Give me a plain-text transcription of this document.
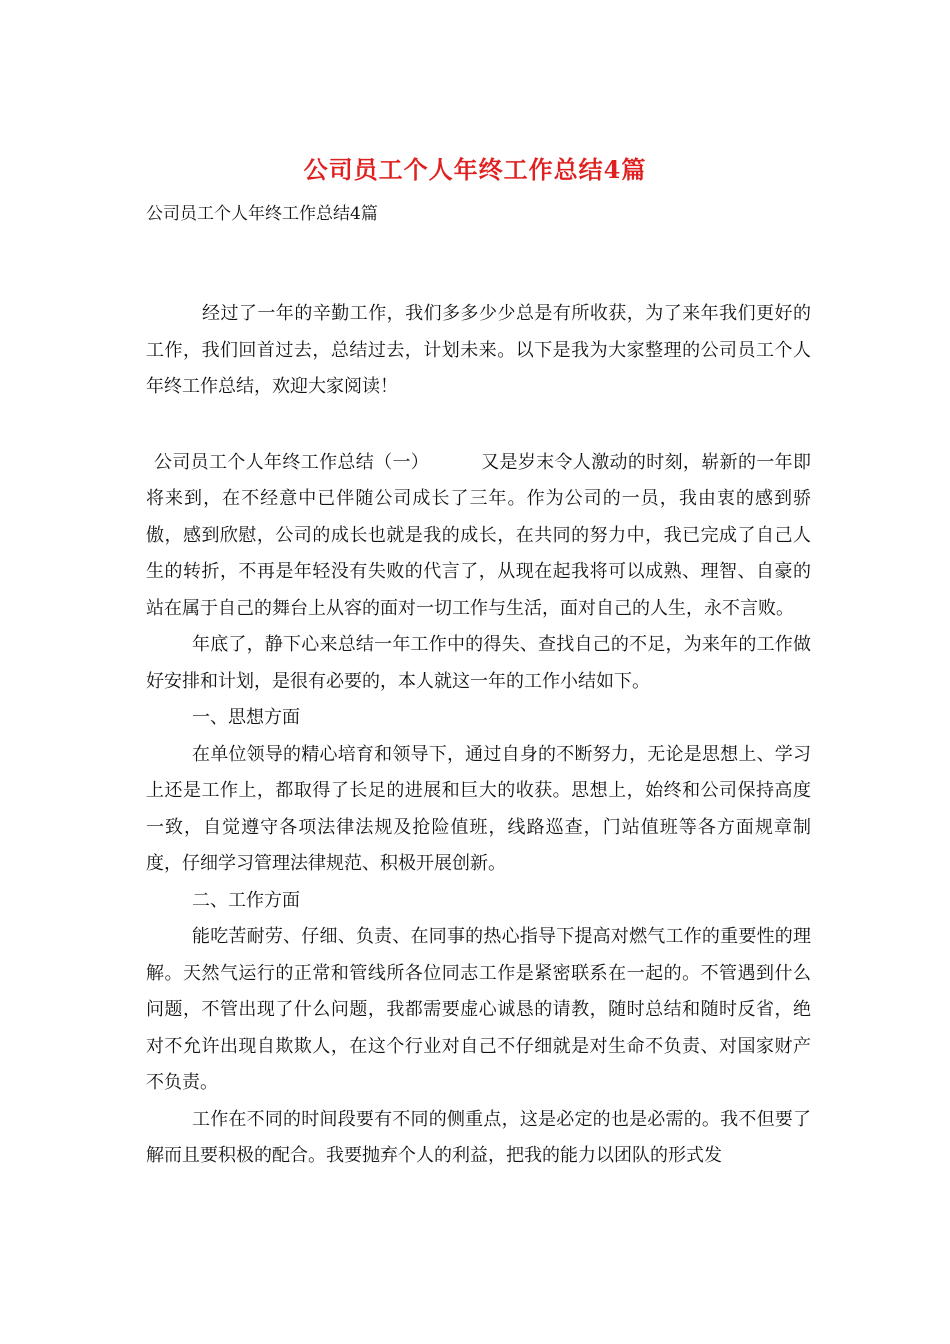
公司员工个人年终工作总结4篇
公司员工个人年终工作总结4篇

经过了一年的辛勤工作，我们多多少少总是有所收获，为了来年我们更好的工作，我们回首过去，总结过去，计划未来。以下是我为大家整理的公司员工个人年终工作总结，欢迎大家阅读！

公司员工个人年终工作总结（一）	又是岁末令人激动的时刻，崭新的一年即将来到，在不经意中已伴随公司成长了三年。作为公司的一员，我由衷的感到骄傲，感到欣慰，公司的成长也就是我的成长，在共同的努力中，我已完成了自己人生的转折，不再是年轻没有失败的代言了，从现在起我将可以成熟、理智、自豪的站在属于自己的舞台上从容的面对一切工作与生活，面对自己的人生，永不言败。

年底了，静下心来总结一年工作中的得失、查找自己的不足，为来年的工作做好安排和计划，是很有必要的，本人就这一年的工作小结如下。

一、思想方面

在单位领导的精心培育和领导下，通过自身的不断努力，无论是思想上、学习上还是工作上，都取得了长足的进展和巨大的收获。思想上，始终和公司保持高度一致，自觉遵守各项法律法规及抢险值班，线路巡查，门站值班等各方面规章制度，仔细学习管理法律规范、积极开展创新。

二、工作方面

能吃苦耐劳、仔细、负责、在同事的热心指导下提高对燃气工作的重要性的理解。天然气运行的正常和管线所各位同志工作是紧密联系在一起的。不管遇到什么问题，不管出现了什么问题，我都需要虚心诚恳的请教，随时总结和随时反省，绝对不允许出现自欺欺人，在这个行业对自己不仔细就是对生命不负责、对国家财产不负责。

工作在不同的时间段要有不同的侧重点，这是必定的也是必需的。我不但要了解而且要积极的配合。我要抛弃个人的利益，把我的能力以团队的形式发
